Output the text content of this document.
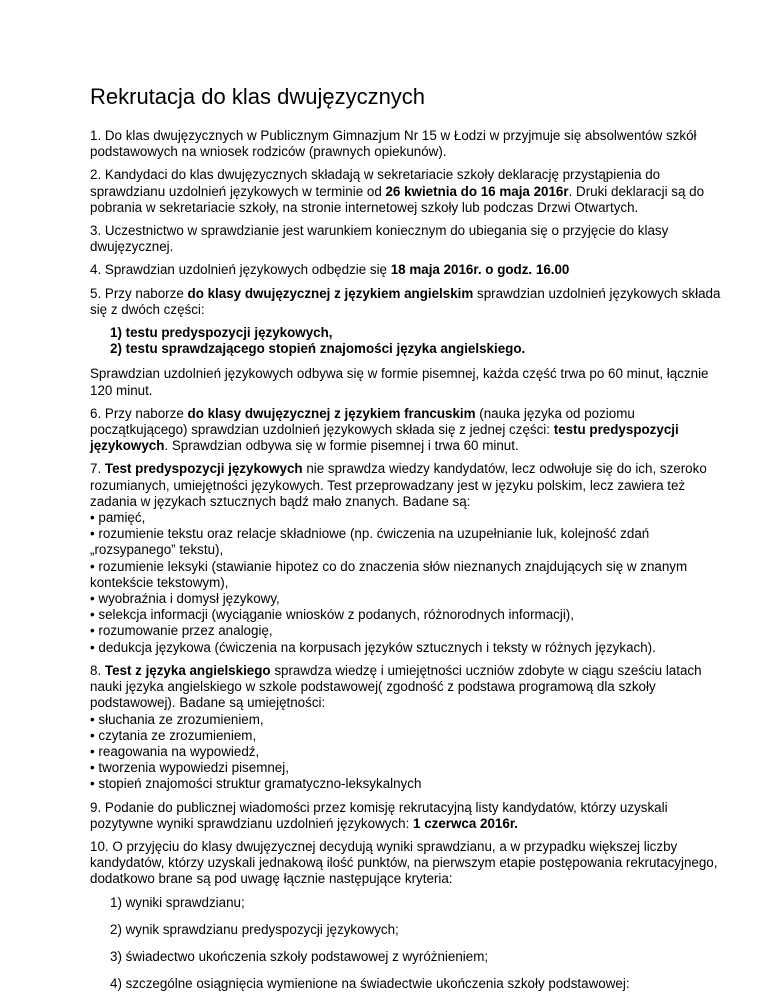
Rekrutacja do klas dwujęzycznych

1. Do klas dwujęzycznych w Publicznym Gimnazjum Nr 15 w Łodzi w przyjmuje się absolwentów szkół podstawowych na wniosek rodziców (prawnych opiekunów).

2. Kandydaci do klas dwujęzycznych składają w sekretariacie szkoły deklarację przystąpienia do sprawdzianu uzdolnień językowych w terminie od 26 kwietnia do 16 maja 2016r. Druki deklaracji są do pobrania w sekretariacie szkoły, na stronie internetowej szkoły lub podczas Drzwi Otwartych.

3. Uczestnictwo w sprawdzianie jest warunkiem koniecznym do ubiegania się o przyjęcie do klasy dwujęzycznej.

4. Sprawdzian uzdolnień językowych odbędzie się 18 maja 2016r. o godz. 16.00

5. Przy naborze do klasy dwujęzycznej z językiem angielskim sprawdzian uzdolnień językowych składa się z dwóch części:

1) testu predyspozycji językowych,
2) testu sprawdzającego stopień znajomości języka angielskiego.

Sprawdzian uzdolnień językowych odbywa się w formie pisemnej, każda część trwa po 60 minut, łącznie 120 minut.

6. Przy naborze do klasy dwujęzycznej z językiem francuskim (nauka języka od poziomu początkującego) sprawdzian uzdolnień językowych składa się z jednej części: testu predyspozycji językowych. Sprawdzian odbywa się w formie pisemnej i trwa 60 minut.

7. Test predyspozycji językowych nie sprawdza wiedzy kandydatów, lecz odwołuje się do ich, szeroko rozumianych, umiejętności językowych. Test przeprowadzany jest w języku polskim, lecz zawiera też zadania w językach sztucznych bądź mało znanych. Badane są:
• pamięć,
• rozumienie tekstu oraz relacje składniowe (np. ćwiczenia na uzupełnianie luk, kolejność zdań „rozsypanego” tekstu),
• rozumienie leksyki (stawianie hipotez co do znaczenia słów nieznanych znajdujących się w znanym kontekście tekstowym),
• wyobraźnia i domysł językowy,
• selekcja informacji (wyciąganie wniosków z podanych, różnorodnych informacji),
• rozumowanie przez analogię,
• dedukcja językowa (ćwiczenia na korpusach języków sztucznych i teksty w różnych językach).

8. Test z języka angielskiego sprawdza wiedzę i umiejętności uczniów zdobyte w ciągu sześciu latach nauki języka angielskiego w szkole podstawowej( zgodność z podstawa programową dla szkoły podstawowej). Badane są umiejętności:
• słuchania ze zrozumieniem,
• czytania ze zrozumieniem,
• reagowania na wypowiedź,
• tworzenia wypowiedzi pisemnej,
• stopień znajomości struktur gramatyczno-leksykalnych

9. Podanie do publicznej wiadomości przez komisję rekrutacyjną listy kandydatów, którzy uzyskali pozytywne wyniki sprawdzianu uzdolnień językowych: 1 czerwca 2016r.

10. O przyjęciu do klasy dwujęzycznej decydują wyniki sprawdzianu, a w przypadku większej liczby kandydatów, którzy uzyskali jednakową ilość punktów, na pierwszym etapie postępowania rekrutacyjnego, dodatkowo brane są pod uwagę łącznie następujące kryteria:

1) wyniki sprawdzianu;
2) wynik sprawdzianu predyspozycji językowych;
3) świadectwo ukończenia szkoły podstawowej z wyróżnieniem;
4) szczególne osiągnięcia wymienione na świadectwie ukończenia szkoły podstawowej:
